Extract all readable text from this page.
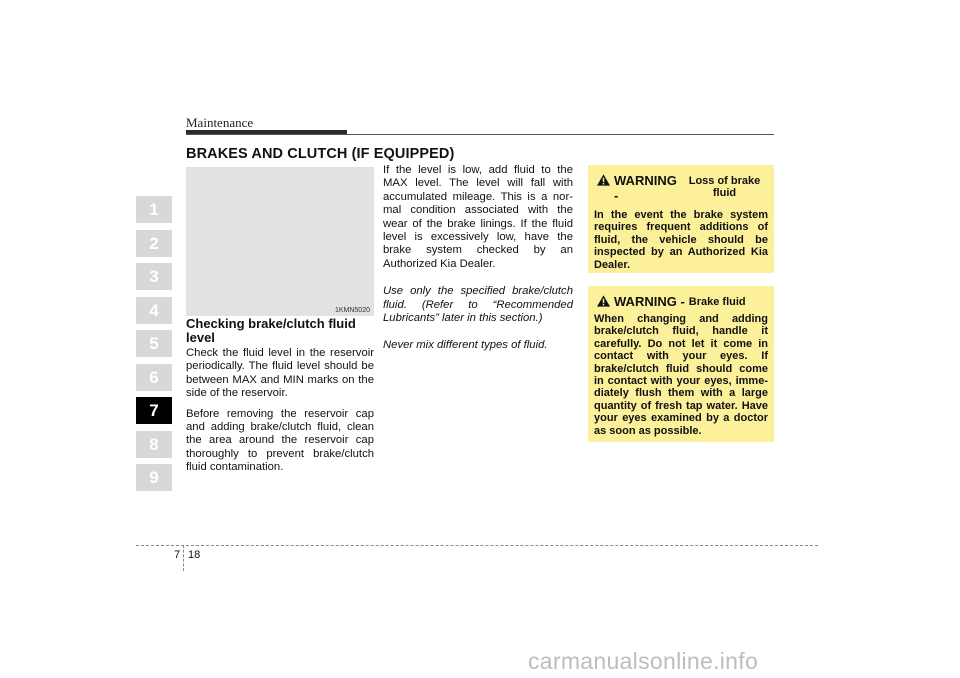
Maintenance
BRAKES AND CLUTCH (IF EQUIPPED)
1
2
3
4
5
6
7
8
9
1KMN5020
Checking brake/clutch fluid level

Check the fluid level in the reservoir periodically. The fluid level should be between MAX and MIN marks on the side of the reservoir.

Before removing the reservoir cap and adding brake/clutch fluid, clean the area around the reservoir cap thoroughly to prevent brake/clutch fluid contamination.

If the level is low, add fluid to the MAX level. The level will fall with accumulated mileage. This is a nor-mal condition associated with the wear of the brake linings. If the fluid level is excessively low, have the brake system checked by an Authorized Kia Dealer.

Use only the specified brake/clutch fluid. (Refer to “Recommended Lubricants” later in this section.)

Never mix different types of fluid.

WARNING -
Loss of brake fluid
In the event the brake system requires frequent additions of fluid, the vehicle should be inspected by an Authorized Kia Dealer.
WARNING - Brake fluid
When changing and adding brake/clutch fluid, handle it carefully. Do not let it come in contact with your eyes. If brake/clutch fluid should come in contact with your eyes, imme-diately flush them with a large quantity of fresh tap water. Have your eyes examined by a doctor as soon as possible.
7 18
carmanualsonline.info
